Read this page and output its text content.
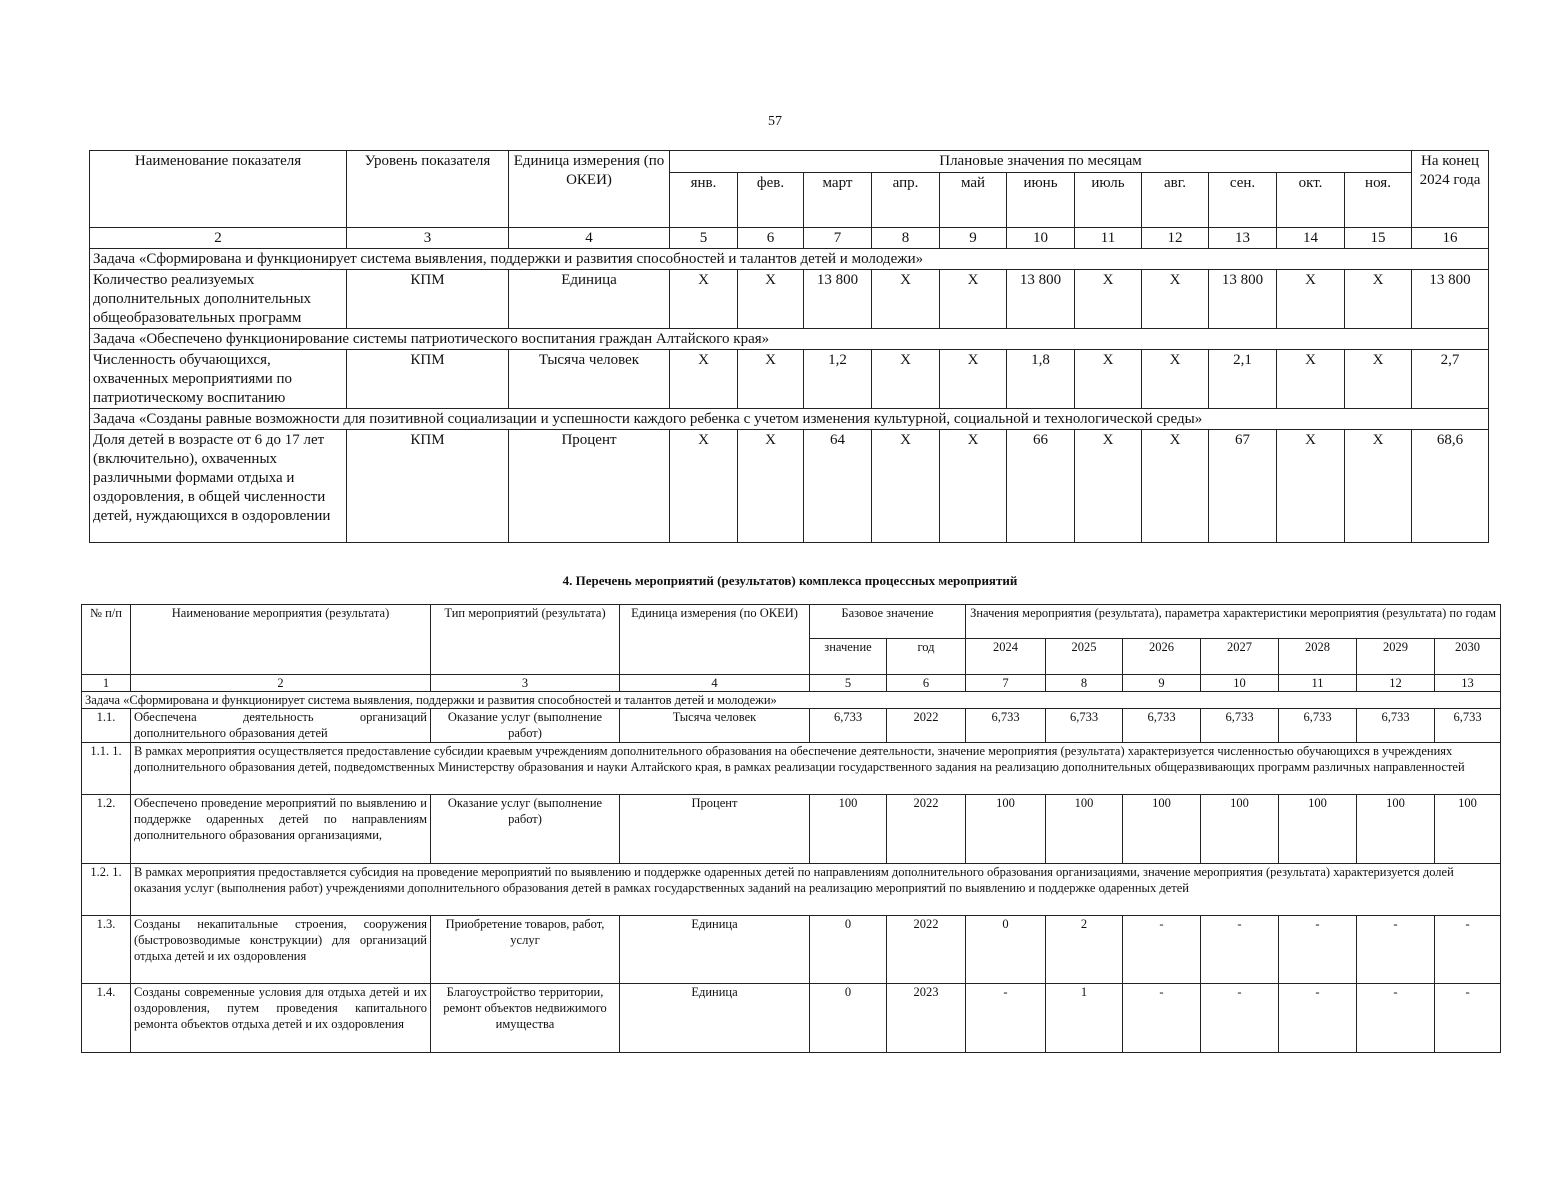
57
Наименование показателя	Уровень показателя	Единица измерения (по ОКЕИ)	Плановые значения по месяцам											На конец 2024 года
			янв.	фев.	март	апр.	май	июнь	июль	авг.	сен.	окт.	ноя.	
2	3	4	5	6	7	8	9	10	11	12	13	14	15	16
Задача «Сформирована и функционирует система выявления, поддержки и развития способностей и талантов детей и молодежи»														
Количество реализуемых дополнительных дополнительных общеобразовательных программ	КПМ	Единица	X	X	13 800	X	X	13 800	X	X	13 800	X	X	13 800
Задача «Обеспечено функционирование системы патриотического воспитания граждан Алтайского края»														
Численность обучающихся, охваченных мероприятиями по патриотическому воспитанию	КПМ	Тысяча человек	X	X	1,2	X	X	1,8	X	X	2,1	X	X	2,7
Задача «Созданы равные возможности для позитивной социализации и успешности каждого ребенка с учетом изменения культурной, социальной и технологической среды»														
Доля детей в возрасте от 6 до 17 лет (включительно), охваченных различными формами отдыха и оздоровления, в общей численности детей, нуждающихся в оздоровлении	КПМ	Процент	X	X	64	X	X	66	X	X	67	X	X	68,6
4. Перечень мероприятий (результатов) комплекса процессных мероприятий
№ п/п	Наименование мероприятия (результата)	Тип мероприятий (результата)	Единица измерения (по ОКЕИ)	Базовое значение		Значения мероприятия (результата), параметра характеристики мероприятия (результата) по годам						
				значение	год	2024	2025	2026	2027	2028	2029	2030
1	2	3	4	5	6	7	8	9	10	11	12	13
Задача «Сформирована и функционирует система выявления, поддержки и развития способностей и талантов детей и молодежи»												
1.1.	Обеспечена деятельность организаций дополнительного образования детей	Оказание услуг (выполнение работ)	Тысяча человек	6,733	2022	6,733	6,733	6,733	6,733	6,733	6,733	6,733
1.1. 1.	В рамках мероприятия осуществляется предоставление субсидии краевым учреждениям дополнительного образования на обеспечение деятельности, значение мероприятия (результата) характеризуется численностью обучающихся в учреждениях дополнительного образования детей, подведомственных Министерству образования и науки Алтайского края, в рамках реализации государственного задания на реализацию дополнительных общеразвивающих программ различных направленностей											
1.2.	Обеспечено проведение мероприятий по выявлению и поддержке одаренных детей по направлениям дополнительного образования организациями,	Оказание услуг (выполнение работ)	Процент	100	2022	100	100	100	100	100	100	100
1.2. 1.	В рамках мероприятия предоставляется субсидия на проведение мероприятий по выявлению и поддержке одаренных детей по направлениям дополнительного образования организациями, значение мероприятия (результата) характеризуется долей оказания услуг (выполнения работ) учреждениями дополнительного образования детей в рамках государственных заданий на реализацию мероприятий по выявлению и поддержке одаренных детей											
1.3.	Созданы некапитальные строения, сооружения (быстровозводимые конструкции) для организаций отдыха детей и их оздоровления	Приобретение товаров, работ, услуг	Единица	0	2022	0	2	-	-	-	-	-
1.4.	Созданы современные условия для отдыха детей и их оздоровления, путем проведения капитального ремонта объектов отдыха детей и их оздоровления	Благоустройство территории, ремонт объектов недвижимого имущества	Единица	0	2023	-	1	-	-	-	-	-
